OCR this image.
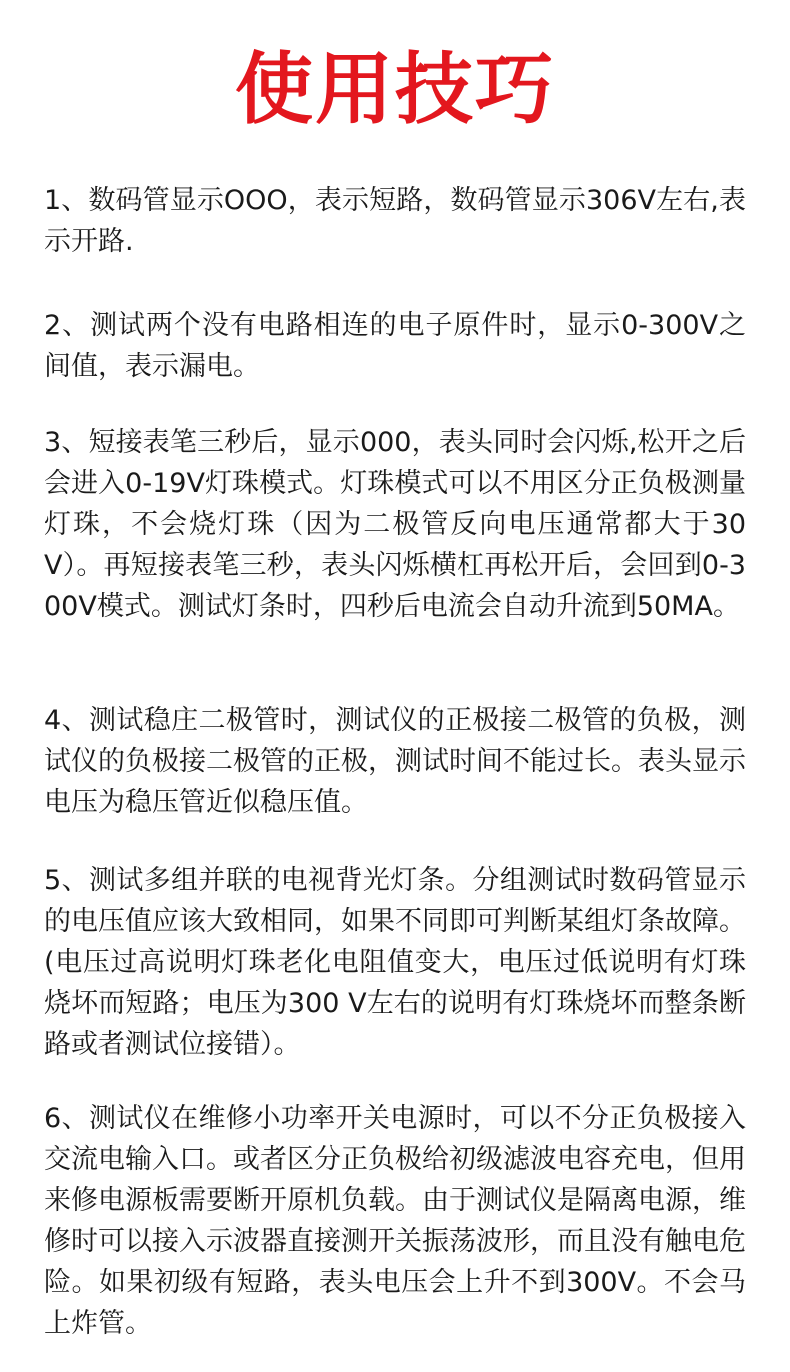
使用技巧
1、数码管显示OOO，表示短路，数码管显示306V左右,表示开路.
2、测试两个没有电路相连的电子原件时，显示0-300V之间值，表示漏电。
3、短接表笔三秒后，显示000，表头同时会闪烁,松开之后会进入0-19V灯珠模式。灯珠模式可以不用区分正负极测量灯珠，不会烧灯珠（因为二极管反向电压通常都大于30V）。再短接表笔三秒，表头闪烁横杠再松开后，会回到0-300V模式。测试灯条时，四秒后电流会自动升流到50MA。
4、测试稳庄二极管时，测试仪的正极接二极管的负极，测试仪的负极接二极管的正极，测试时间不能过长。表头显示电压为稳压管近似稳压值。
5、测试多组并联的电视背光灯条。分组测试时数码管显示的电压值应该大致相同，如果不同即可判断某组灯条故障。(电压过高说明灯珠老化电阻值变大，电压过低说明有灯珠烧坏而短路；电压为300 V左右的说明有灯珠烧坏而整条断路或者测试位接错）。
6、测试仪在维修小功率开关电源时，可以不分正负极接入交流电输入口。或者区分正负极给初级滤波电容充电，但用来修电源板需要断开原机负载。由于测试仪是隔离电源，维修时可以接入示波器直接测开关振荡波形，而且没有触电危险。如果初级有短路，表头电压会上升不到300V。不会马上炸管。
